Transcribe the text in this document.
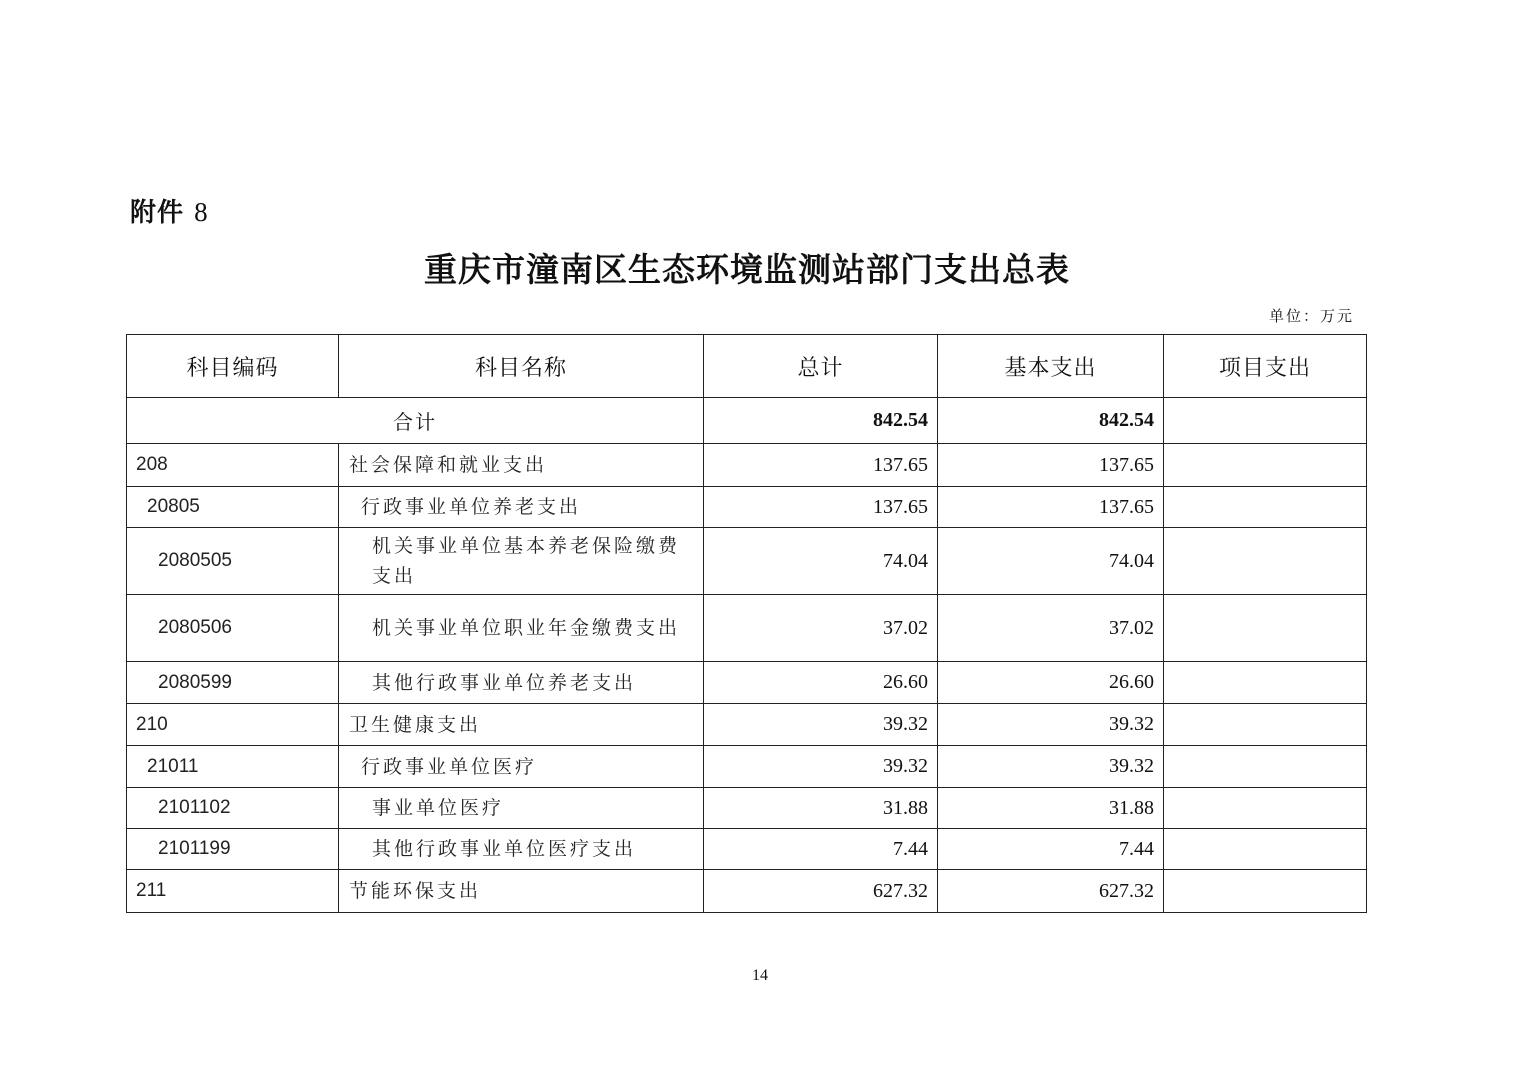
附件 8
重庆市潼南区生态环境监测站部门支出总表
单位：万元
科目编码	科目名称	总计	基本支出	项目支出
合计		842.54	842.54	
208	社会保障和就业支出	137.65	137.65	
20805	行政事业单位养老支出	137.65	137.65	
2080505	机关事业单位基本养老保险缴费支出	74.04	74.04	
2080506	机关事业单位职业年金缴费支出	37.02	37.02	
2080599	其他行政事业单位养老支出	26.60	26.60	
210	卫生健康支出	39.32	39.32	
21011	行政事业单位医疗	39.32	39.32	
2101102	事业单位医疗	31.88	31.88	
2101199	其他行政事业单位医疗支出	7.44	7.44	
211	节能环保支出	627.32	627.32	
14
